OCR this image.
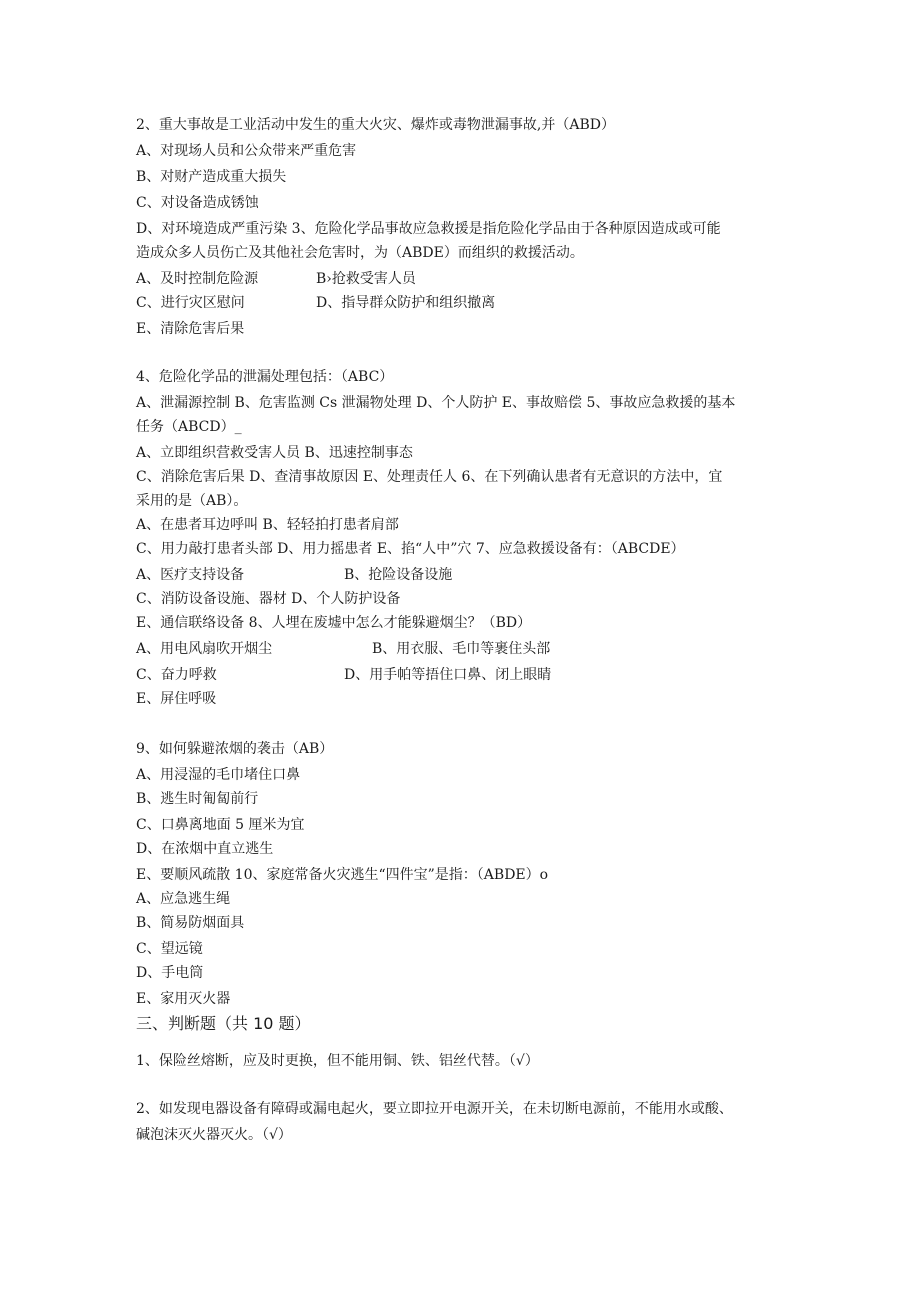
2、重大事故是工业活动中发生的重大火灾、爆炸或毒物泄漏事故,并（ABD）
A、对现场人员和公众带来严重危害
B、对财产造成重大损失
C、对设备造成锈蚀
D、对环境造成严重污染 3、危险化学品事故应急救援是指危险化学品由于各种原因造成或可能
造成众多人员伤亡及其他社会危害时，为（ABDE）而组织的救援活动。
A、及时控制危险源	B›抢救受害人员
C、进行灾区慰问	D、指导群众防护和组织撤离
E、清除危害后果
4、危险化学品的泄漏处理包括：（ABC）
A、泄漏源控制 B、危害监测 Cs 泄漏物处理 D、个人防护 E、事故赔偿 5、事故应急救援的基本
任务（ABCD）_
A、立即组织营救受害人员 B、迅速控制事态
C、消除危害后果 D、查清事故原因 E、处理责任人 6、在下列确认患者有无意识的方法中，宜
采用的是（AB）。
A、在患者耳边呼叫 B、轻轻拍打患者肩部
C、用力敲打患者头部 D、用力摇患者 E、掐“人中”穴 7、应急救援设备有：（ABCDE）
A、医疗支持设备	B、抢险设备设施
C、消防设备设施、器材 D、个人防护设备
E、通信联络设备 8、人埋在废墟中怎么才能躲避烟尘？（BD）
A、用电风扇吹开烟尘	B、用衣服、毛巾等裹住头部
C、奋力呼救	D、用手帕等捂住口鼻、闭上眼睛
E、屏住呼吸
9、如何躲避浓烟的袭击（AB）
A、用浸湿的毛巾堵住口鼻
B、逃生时匍匐前行
C、口鼻离地面 5 厘米为宜
D、在浓烟中直立逃生
E、要顺风疏散 10、家庭常备火灾逃生“四件宝”是指：（ABDE）o
A、应急逃生绳
B、简易防烟面具
C、望远镜
D、手电筒
E、家用灭火器
三、判断题（共 10 题）
1、保险丝熔断，应及时更换，但不能用铜、铁、铝丝代替。（√）
2、如发现电器设备有障碍或漏电起火，要立即拉开电源开关，在未切断电源前，不能用水或酸、
碱泡沫灭火器灭火。（√）
